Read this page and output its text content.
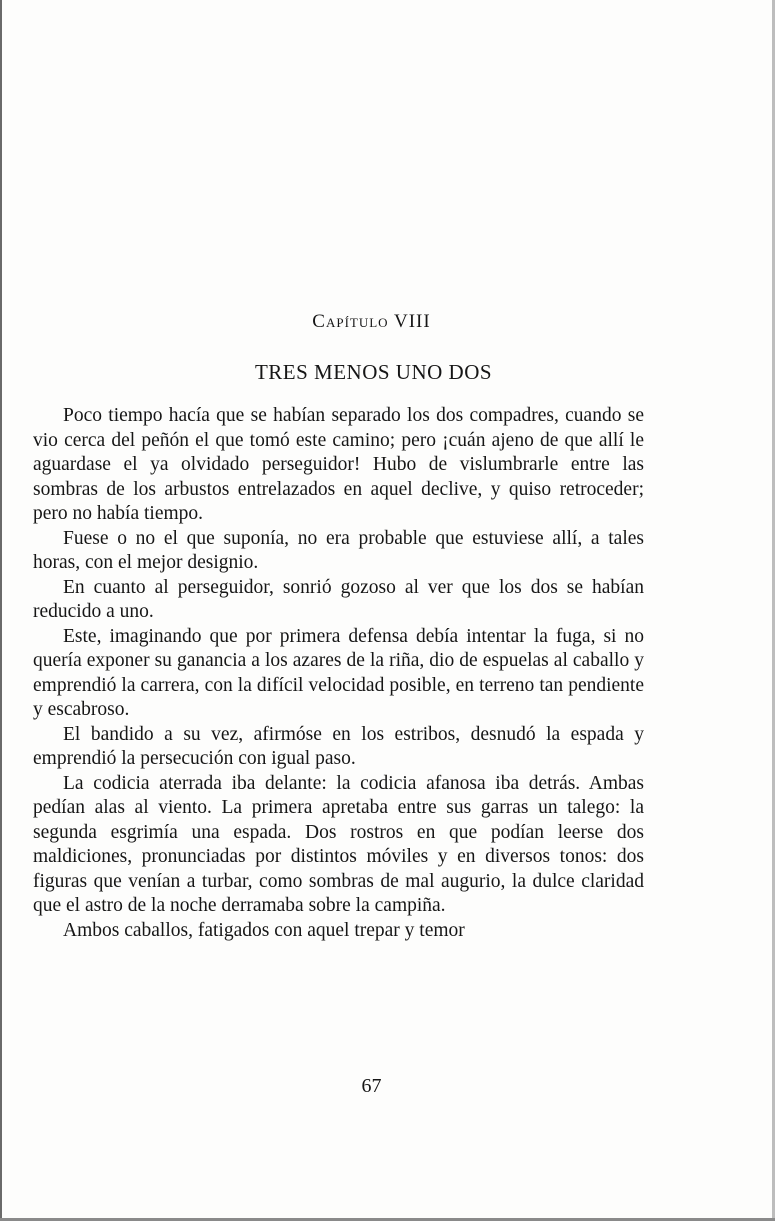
Capítulo VIII
TRES MENOS UNO DOS

Poco tiempo hacía que se habían separado los dos compadres, cuando se vio cerca del peñón el que tomó este camino; pero ¡cuán ajeno de que allí le aguardase el ya olvidado perseguidor! Hubo de vislumbrarle entre las sombras de los arbustos entrelazados en aquel declive, y quiso retroceder; pero no había tiempo.

Fuese o no el que suponía, no era probable que estuviese allí, a tales horas, con el mejor designio.

En cuanto al perseguidor, sonrió gozoso al ver que los dos se habían reducido a uno.

Este, imaginando que por primera defensa debía intentar la fuga, si no quería exponer su ganancia a los azares de la riña, dio de espuelas al caballo y emprendió la carrera, con la difícil velocidad posible, en terreno tan pendiente y escabroso.

El bandido a su vez, afirmóse en los estribos, desnudó la espada y emprendió la persecución con igual paso.

La codicia aterrada iba delante: la codicia afanosa iba detrás. Ambas pedían alas al viento. La primera apretaba entre sus garras un talego: la segunda esgrimía una espada. Dos rostros en que podían leerse dos maldiciones, pronunciadas por distintos móviles y en diversos tonos: dos figuras que venían a turbar, como sombras de mal augurio, la dulce claridad que el astro de la noche derramaba sobre la campiña.

Ambos caballos, fatigados con aquel trepar y temor

67
